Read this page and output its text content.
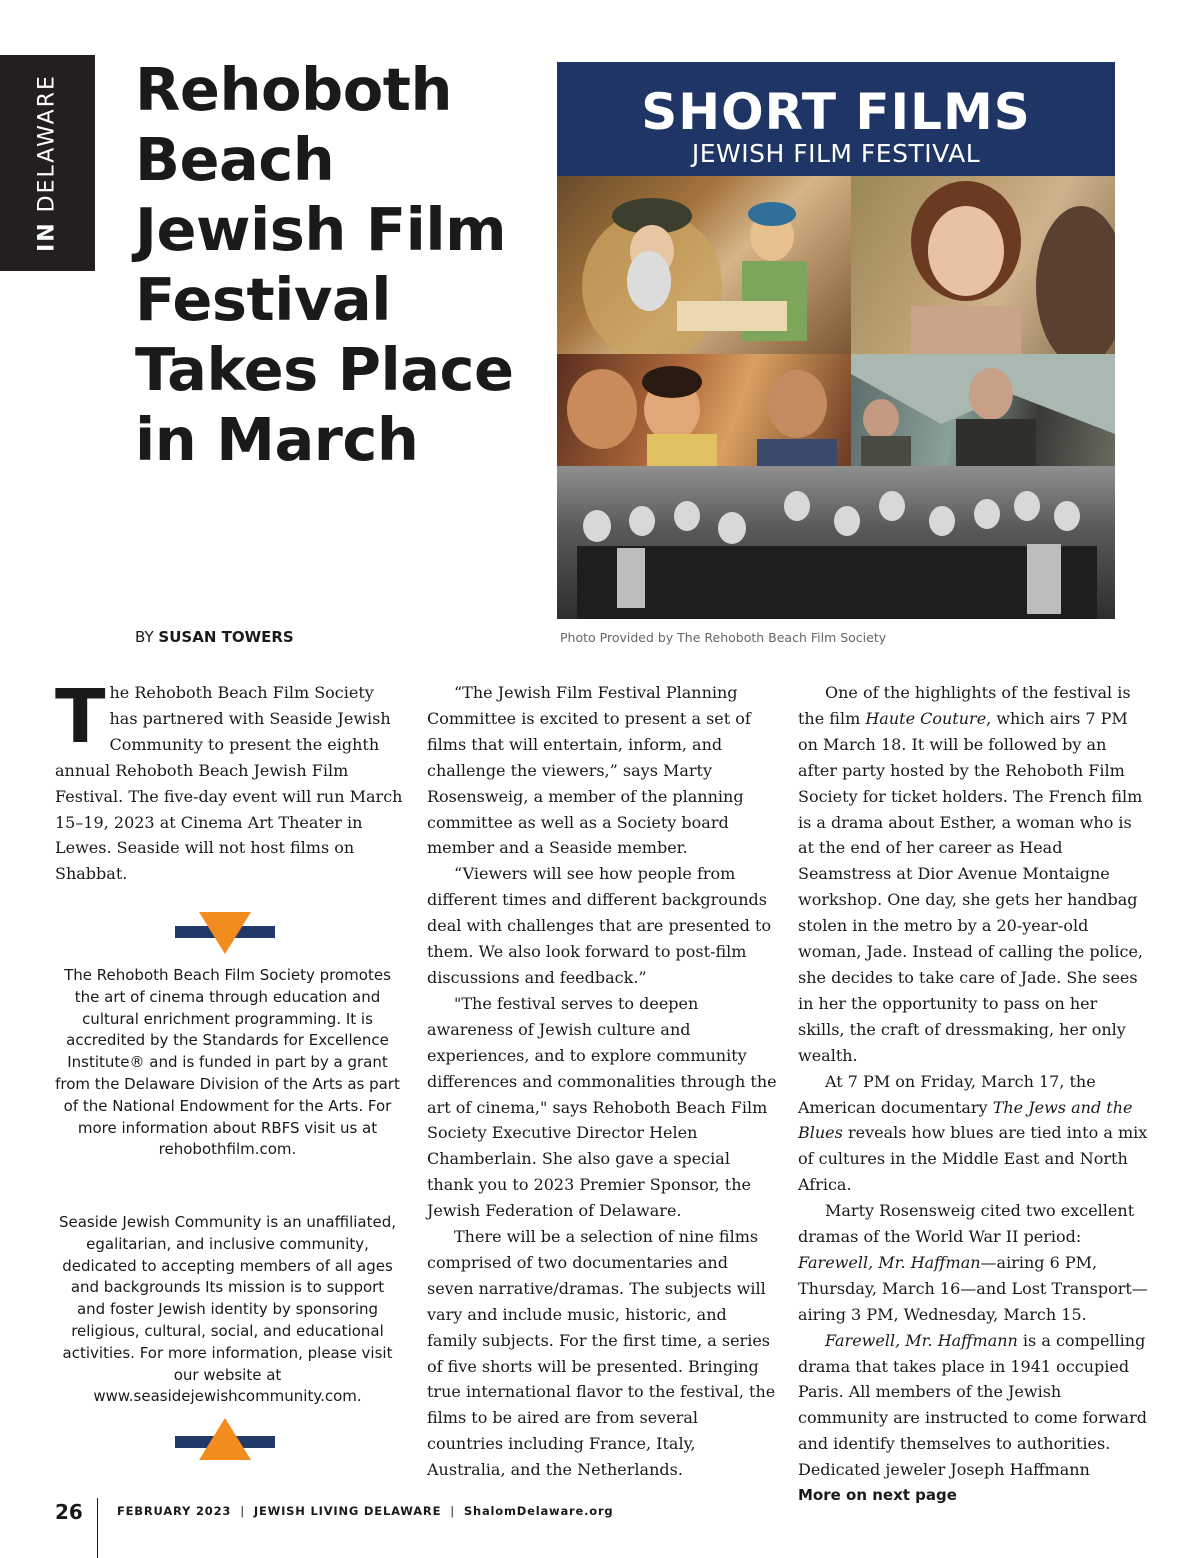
IN DELAWARE Rehoboth Beach Jewish Film Festival Takes Place in March
BY SUSAN TOWERS
SHORT FILMS
JEWISH FILM FESTIVAL
Photo Provided by The Rehoboth Beach Film Society

The Rehoboth Beach Film Society has partnered with Seaside Jewish Community to present the eighth annual Rehoboth Beach Jewish Film Festival. The five-day event will run March 15–19, 2023 at Cinema Art Theater in Lewes. Seaside will not host films on Shabbat.

The Rehoboth Beach Film Society promotes the art of cinema through education and cultural enrichment programming. It is accredited by the Standards for Excellence Institute® and is funded in part by a grant from the Delaware Division of the Arts as part of the National Endowment for the Arts. For more information about RBFS visit us at rehobothfilm.com.
Seaside Jewish Community is an unaffiliated, egalitarian, and inclusive community, dedicated to accepting members of all ages and backgrounds Its mission is to support and foster Jewish identity by sponsoring religious, cultural, social, and educational activities. For more information, please visit our website at www.seasidejewishcommunity.com.

“The Jewish Film Festival Planning Committee is excited to present a set of films that will entertain, inform, and challenge the viewers,” says Marty Rosensweig, a member of the planning committee as well as a Society board member and a Seaside member.

“Viewers will see how people from different times and different backgrounds deal with challenges that are presented to them. We also look forward to post-film discussions and feedback.”

"The festival serves to deepen awareness of Jewish culture and experiences, and to explore community differences and commonalities through the art of cinema," says Rehoboth Beach Film Society Executive Director Helen Chamberlain. She also gave a special thank you to 2023 Premier Sponsor, the Jewish Federation of Delaware.

There will be a selection of nine films comprised of two documentaries and seven narrative/dramas. The subjects will vary and include music, historic, and family subjects. For the first time, a series of five shorts will be presented. Bringing true international flavor to the festival, the films to be aired are from several countries including France, Italy, Australia, and the Netherlands.

One of the highlights of the festival is the film Haute Couture, which airs 7 PM on March 18. It will be followed by an after party hosted by the Rehoboth Film Society for ticket holders. The French film is a drama about Esther, a woman who is at the end of her career as Head Seamstress at Dior Avenue Montaigne workshop. One day, she gets her handbag stolen in the metro by a 20-year-old woman, Jade. Instead of calling the police, she decides to take care of Jade. She sees in her the opportunity to pass on her skills, the craft of dressmaking, her only wealth.

At 7 PM on Friday, March 17, the American documentary The Jews and the Blues reveals how blues are tied into a mix of cultures in the Middle East and North Africa.

Marty Rosensweig cited two excellent dramas of the World War II period: Farewell, Mr. Haffman—airing 6 PM, Thursday, March 16—and Lost Transport—airing 3 PM, Wednesday, March 15.

Farewell, Mr. Haffmann is a compelling drama that takes place in 1941 occupied Paris. All members of the Jewish community are instructed to come forward and identify themselves to authorities. Dedicated jeweler Joseph Haffmann

More on next page

26	FEBRUARY 2023 | JEWISH LIVING DELAWARE | ShalomDelaware.org
